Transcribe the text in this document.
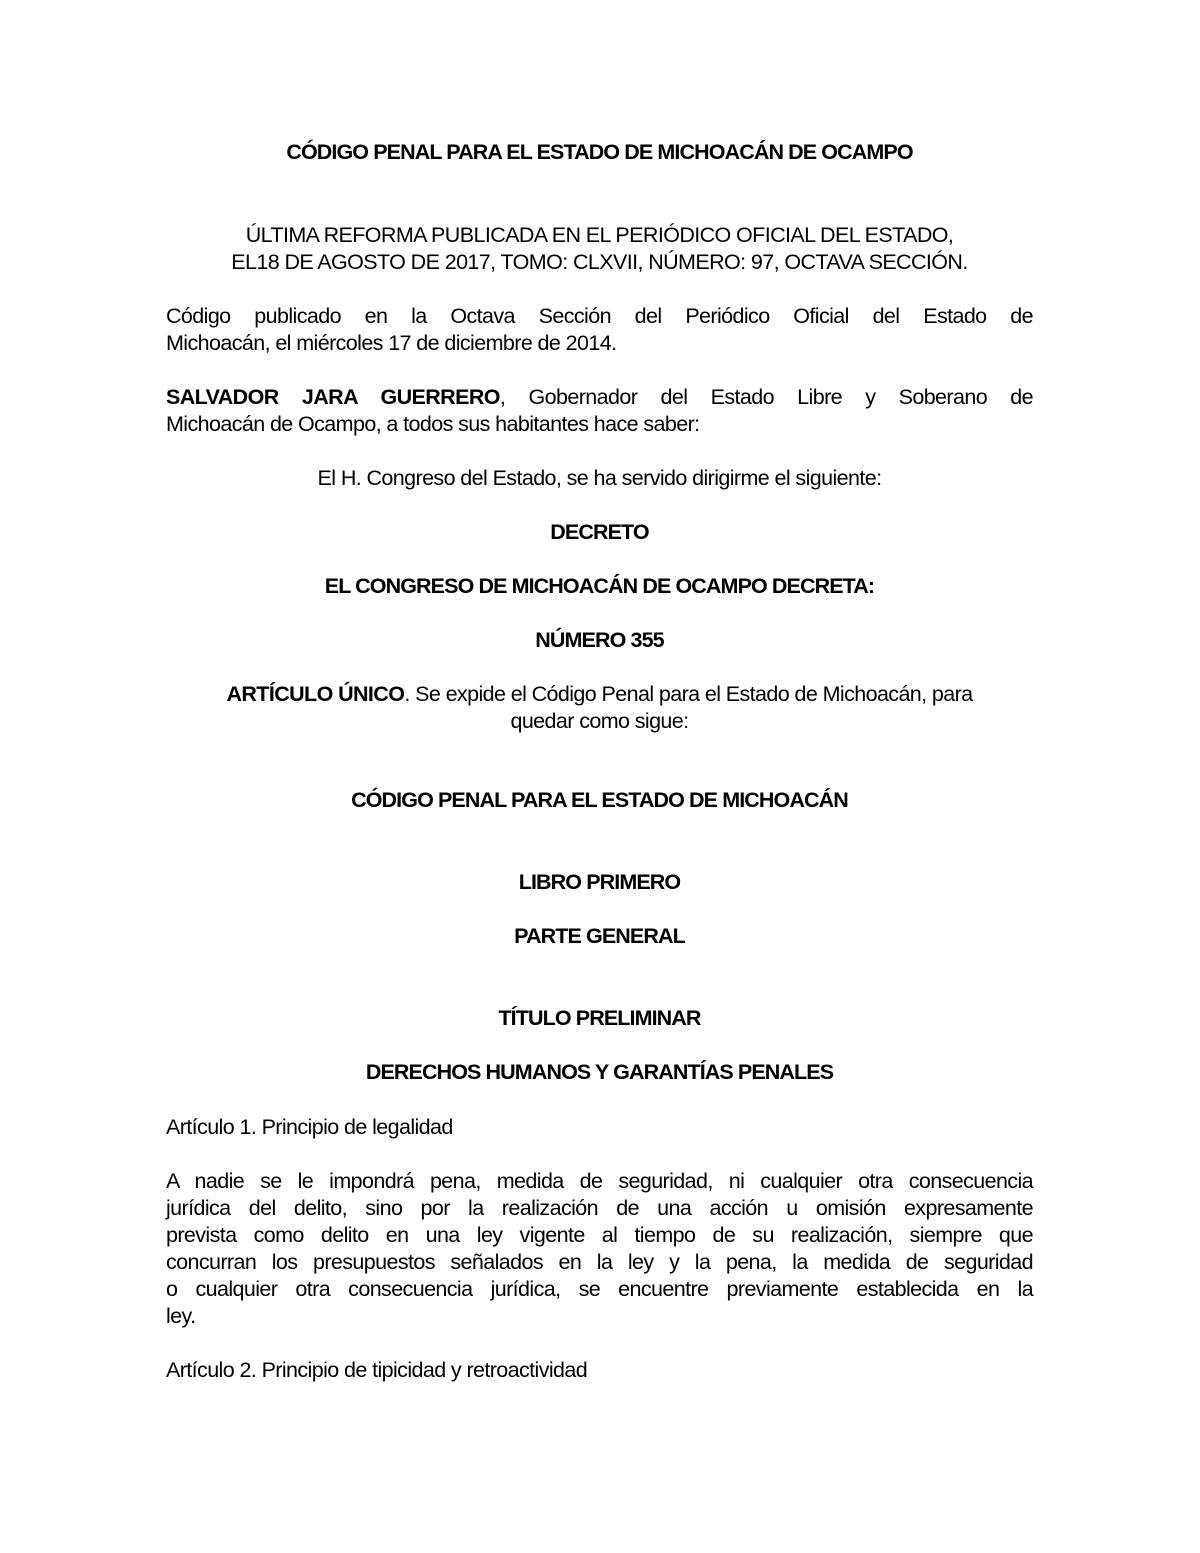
CÓDIGO PENAL PARA EL ESTADO DE MICHOACÁN DE OCAMPO
ÚLTIMA REFORMA PUBLICADA EN EL PERIÓDICO OFICIAL DEL ESTADO,
EL18 DE AGOSTO DE 2017, TOMO: CLXVII, NÚMERO: 97, OCTAVA SECCIÓN.
Código publicado en la Octava Sección del Periódico Oficial del Estado de
Michoacán, el miércoles 17 de diciembre de 2014.
SALVADOR JARA GUERRERO, Gobernador del Estado Libre y Soberano de
Michoacán de Ocampo, a todos sus habitantes hace saber:
El H. Congreso del Estado, se ha servido dirigirme el siguiente:
DECRETO
EL CONGRESO DE MICHOACÁN DE OCAMPO DECRETA:
NÚMERO 355
ARTÍCULO ÚNICO. Se expide el Código Penal para el Estado de Michoacán, para
quedar como sigue:
CÓDIGO PENAL PARA EL ESTADO DE MICHOACÁN
LIBRO PRIMERO
PARTE GENERAL
TÍTULO PRELIMINAR
DERECHOS HUMANOS Y GARANTÍAS PENALES
Artículo 1. Principio de legalidad
A nadie se le impondrá pena, medida de seguridad, ni cualquier otra consecuencia
jurídica del delito, sino por la realización de una acción u omisión expresamente
prevista como delito en una ley vigente al tiempo de su realización, siempre que
concurran los presupuestos señalados en la ley y la pena, la medida de seguridad
o cualquier otra consecuencia jurídica, se encuentre previamente establecida en la
ley.
Artículo 2. Principio de tipicidad y retroactividad
